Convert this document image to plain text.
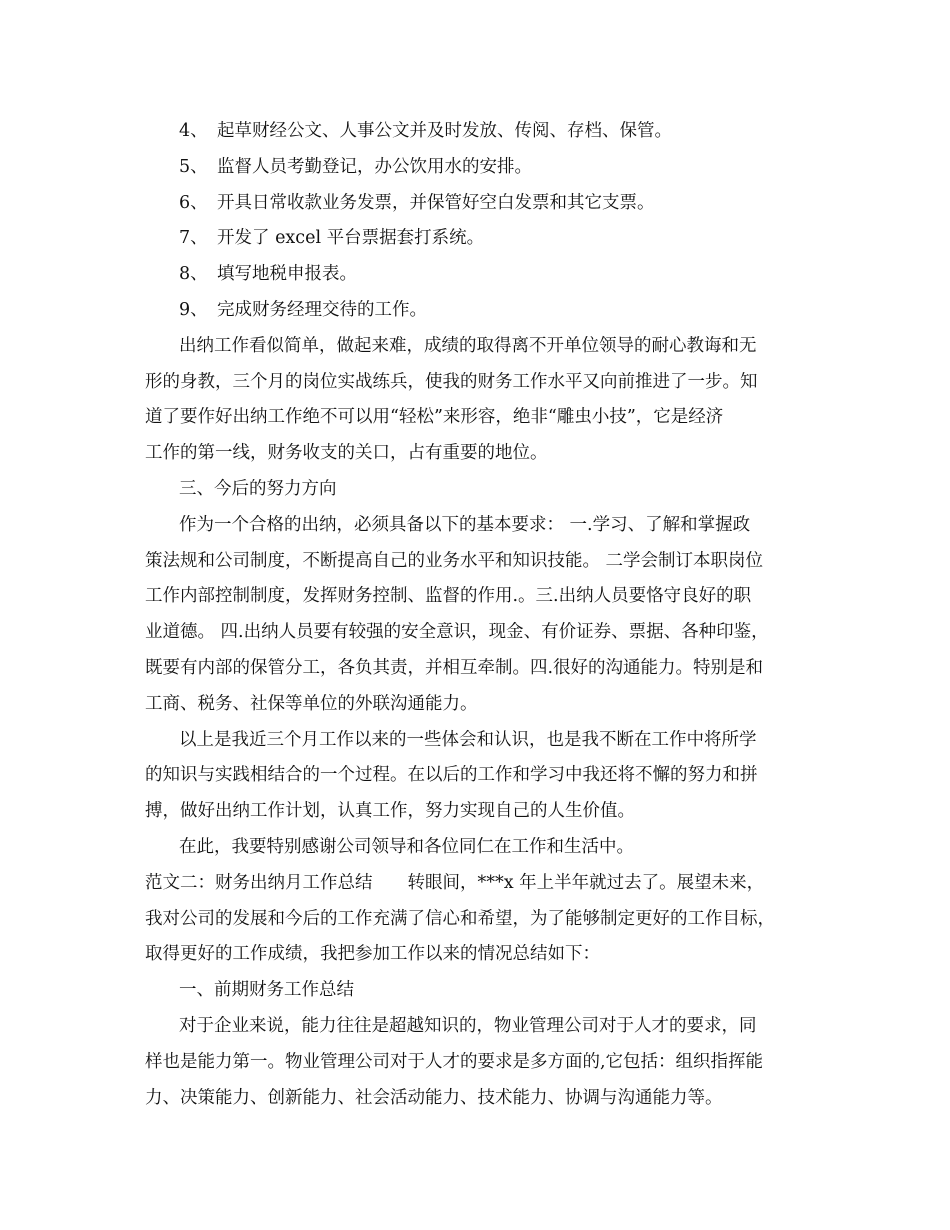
4、 起草财经公文、人事公文并及时发放、传阅、存档、保管。

5、 监督人员考勤登记，办公饮用水的安排。

6、 开具日常收款业务发票，并保管好空白发票和其它支票。

7、 开发了 excel 平台票据套打系统。

8、 填写地税申报表。

9、 完成财务经理交待的工作。

出纳工作看似简单，做起来难，成绩的取得离不开单位领导的耐心教诲和无
形的身教，三个月的岗位实战练兵，使我的财务工作水平又向前推进了一步。知
道了要作好出纳工作绝不可以用“轻松”来形容，绝非“雕虫小技”，它是经济
工作的第一线，财务收支的关口，占有重要的地位。

三、今后的努力方向

作为一个合格的出纳，必须具备以下的基本要求： 一.学习、了解和掌握政
策法规和公司制度，不断提高自己的业务水平和知识技能。 二学会制订本职岗位
工作内部控制制度，发挥财务控制、监督的作用.。三.出纳人员要恪守良好的职
业道德。 四.出纳人员要有较强的安全意识，现金、有价证券、票据、各种印鉴，
既要有内部的保管分工，各负其责，并相互牵制。四.很好的沟通能力。特别是和
工商、税务、社保等单位的外联沟通能力。
以上是我近三个月工作以来的一些体会和认识，也是我不断在工作中将所学
的知识与实践相结合的一个过程。在以后的工作和学习中我还将不懈的努力和拼
搏，做好出纳工作计划，认真工作，努力实现自己的人生价值。

在此，我要特别感谢公司领导和各位同仁在工作和生活中。

范文二：财务出纳月工作总结　　转眼间，***x 年上半年就过去了。展望未来，
我对公司的发展和今后的工作充满了信心和希望，为了能够制定更好的工作目标，
取得更好的工作成绩，我把参加工作以来的情况总结如下：

一、前期财务工作总结

对于企业来说，能力往往是超越知识的，物业管理公司对于人才的要求，同
样也是能力第一。物业管理公司对于人才的要求是多方面的,它包括：组织指挥能
力、决策能力、创新能力、社会活动能力、技术能力、协调与沟通能力等。
